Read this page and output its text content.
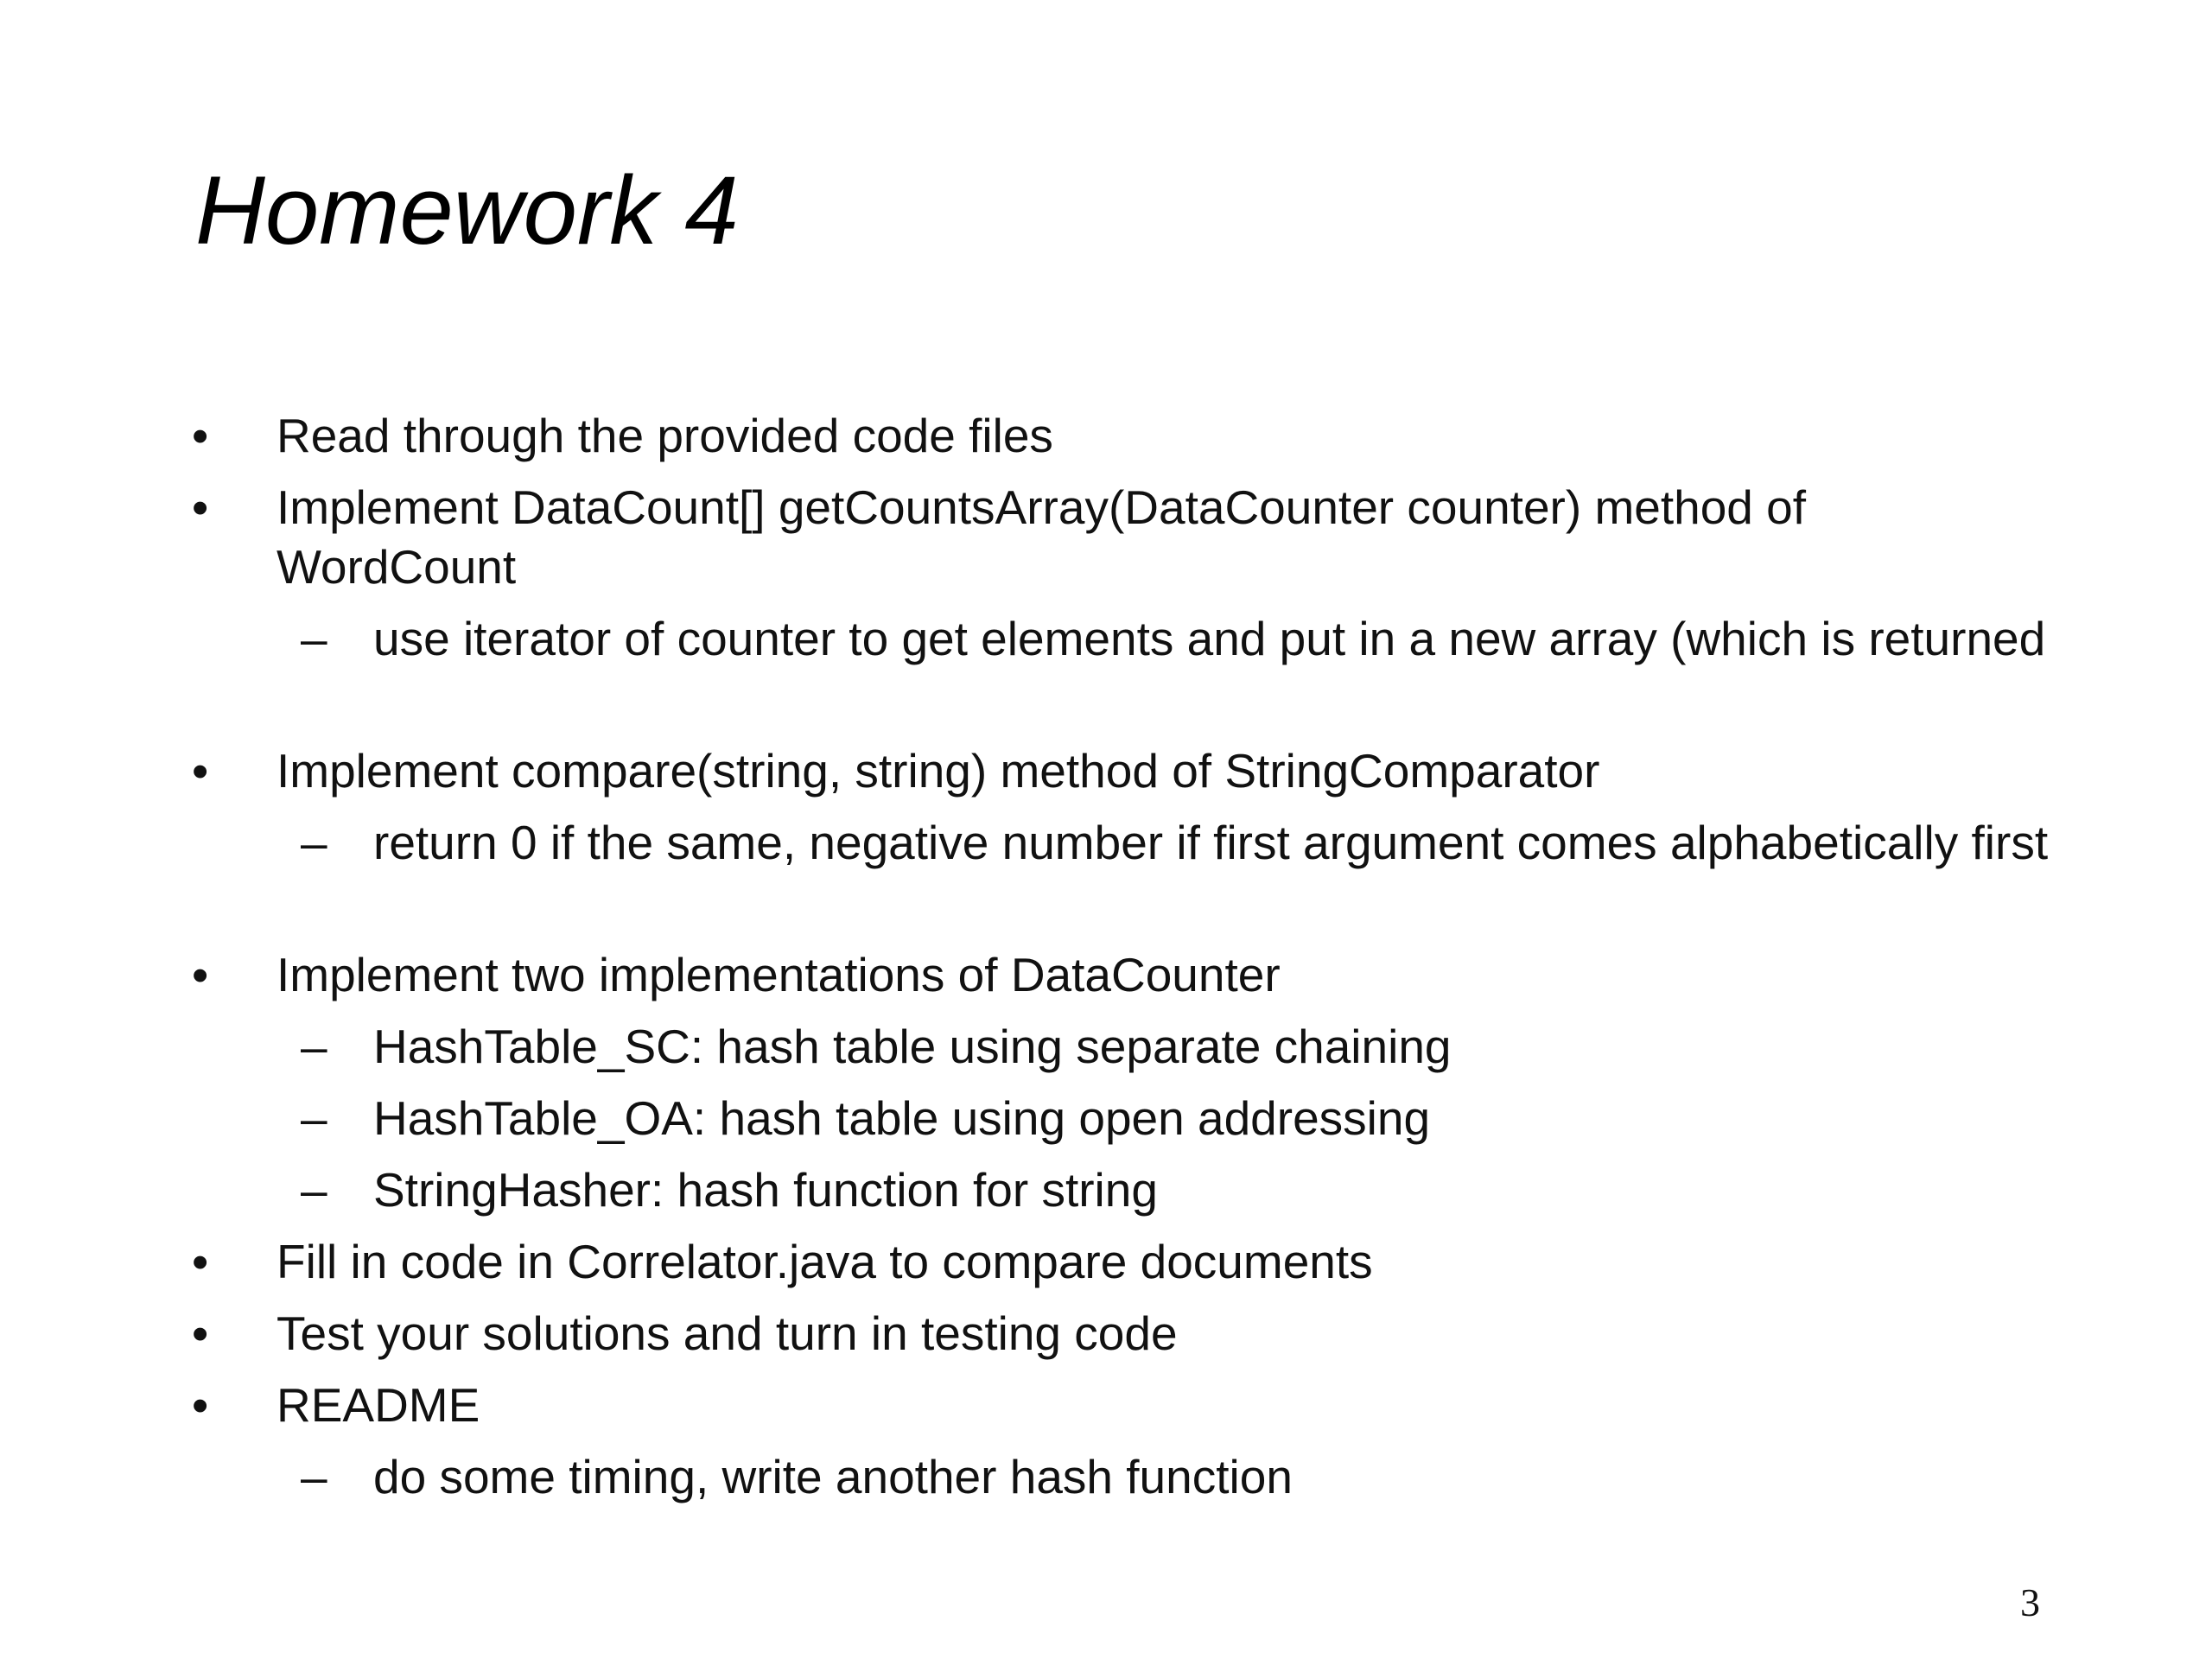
Homework 4
•	Read through the provided code files
•	Implement DataCount[] getCountsArray(DataCounter counter) method of WordCount
– use iterator of counter to get elements and put in a new array (which is returned
•	Implement compare(string, string) method of StringComparator
– return 0 if the same, negative number if first argument comes alphabetically first
•	Implement two implementations of DataCounter
– HashTable_SC: hash table using separate chaining
– HashTable_OA: hash table using open addressing
– StringHasher: hash function for string
•	Fill in code in Correlator.java to compare documents
•	Test your solutions and turn in testing code
•	README
– do some timing, write another hash function
3
